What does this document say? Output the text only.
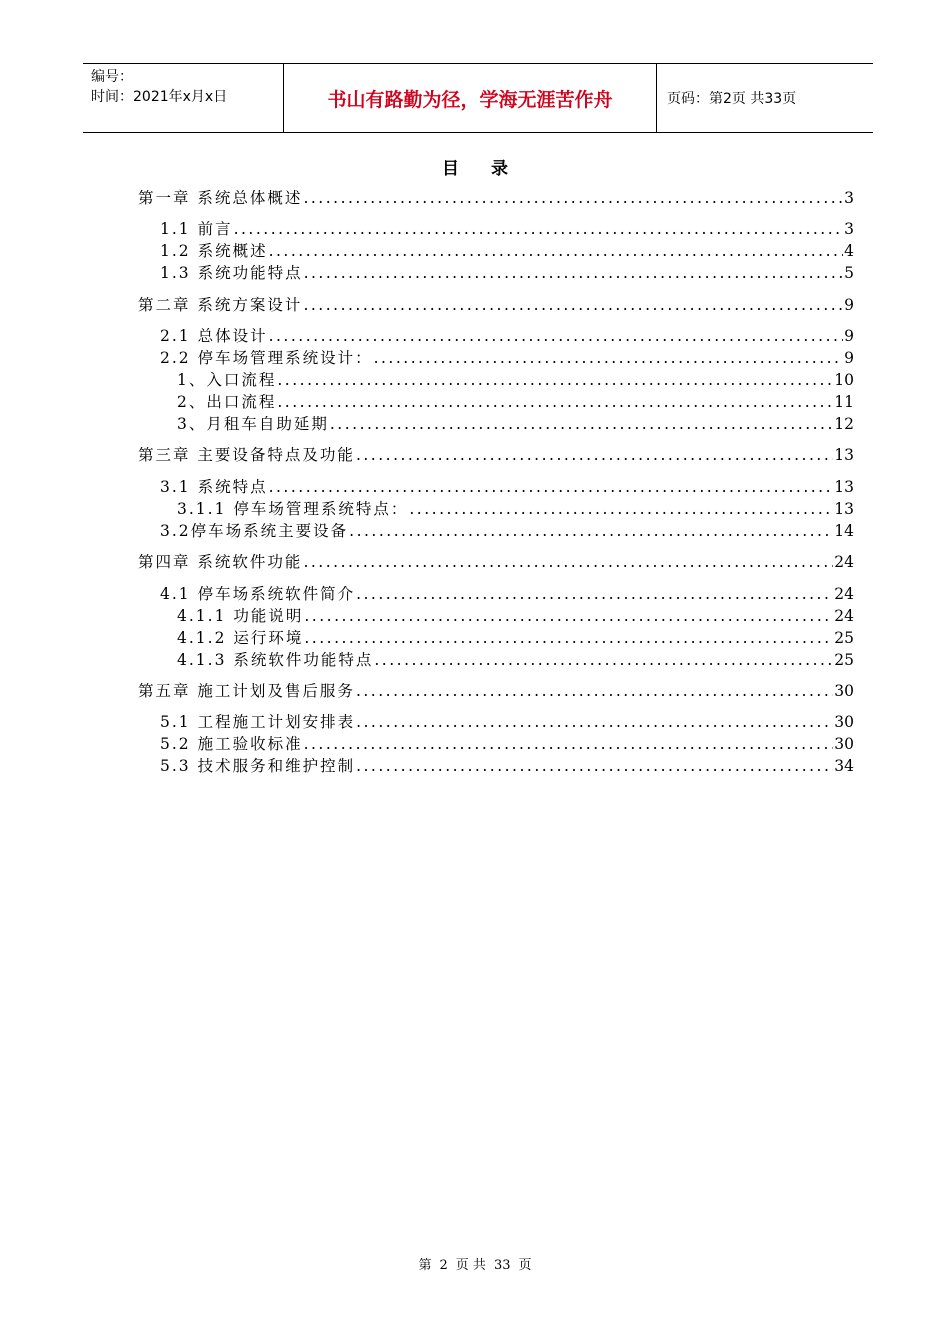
编号：
时间：2021年x月x日	书山有路勤为径，学海无涯苦作舟	页码：第2页 共33页
目录
第一章 系统总体概述 .....	3
1.1 前言 .....	3
1.2 系统概述 .....	4
1.3 系统功能特点 .....	5
第二章 系统方案设计 .....	9
2.1 总体设计 .....	9
2.2 停车场管理系统设计： .....	9
1、入口流程 .....	10
2、出口流程 .....	11
3、月租车自助延期 .....	12
第三章 主要设备特点及功能 .....	13
3.1 系统特点 .....	13
3.1.1 停车场管理系统特点： .....	13
3.2停车场系统主要设备 .....	14
第四章 系统软件功能 .....	24
4.1 停车场系统软件简介 .....	24
4.1.1 功能说明 .....	24
4.1.2 运行环境 .....	25
4.1.3 系统软件功能特点 .....	25
第五章 施工计划及售后服务 .....	30
5.1 工程施工计划安排表 .....	30
5.2 施工验收标准 .....	30
5.3 技术服务和维护控制 .....	34
第 2 页 共 33 页
